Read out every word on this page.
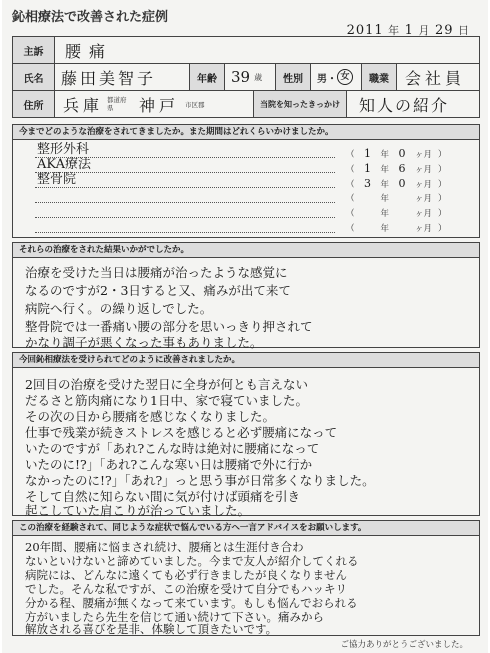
鈊相療法で改善された症例
2011 年 1 月 29 日
主訴	腰痛
氏名	藤田美智子	年齢 39 歳	性別	男 ・ 女	職業	会社員
住所	兵庫 都道府県	神戸 市区郡	当院を知ったきっかけ	知人の紹介
今までどのような治療をされてきましたか。また期間はどれくらいかけましたか。
整形外科	（ 1 年 0 ヶ月 ）
AKA療法	（ 1 年 6 ヶ月 ）
整骨院	（ 3 年 0 ヶ月 ）
（	年	ヶ月 ）
（	年	ヶ月 ）
（	年	ヶ月 ）
それらの治療をされた結果いかがでしたか。

治療を受けた当日は腰痛が治ったような感覚に

なるのですが2・3日すると又、痛みが出て来て

病院へ行く。の繰り返しでした。

整骨院では一番痛い腰の部分を思いっきり押されて

かなり調子が悪くなった事もありました。

今回鈊相療法を受けられてどのように改善されましたか。

2回目の治療を受けた翌日に全身が何とも言えない

だるさと筋肉痛になり1日中、家で寝ていました。

その次の日から腰痛を感じなくなりました。

仕事で残業が続きストレスを感じると必ず腰痛になって

いたのですが「あれ?こんな時は絶対に腰痛になって

いたのに!?」「あれ?こんな寒い日は腰痛で外に行か

なかったのに!?」「あれ?」っと思う事が日常多くなりました。

そして自然に知らない間に気が付けば頭痛を引き

起こしていた肩こりが治っていました。

この治療を経験されて、同じような症状で悩んでいる方へ一言アドバイスをお願いします。

20年間、腰痛に悩まされ続け、腰痛とは生涯付き合わ

ないといけないと諦めていました。今まで友人が紹介してくれる

病院には、どんなに遠くても必ず行きましたが良くなりません

でした。そんな私ですが、この治療を受けて自分でもハッキリ

分かる程、腰痛が無くなって来ています。もしも悩んでおられる

方がいましたら先生を信じて通い続けて下さい。痛みから

解放される喜びを是非、体験して頂きたいです。

ご協力ありがとうございました。
